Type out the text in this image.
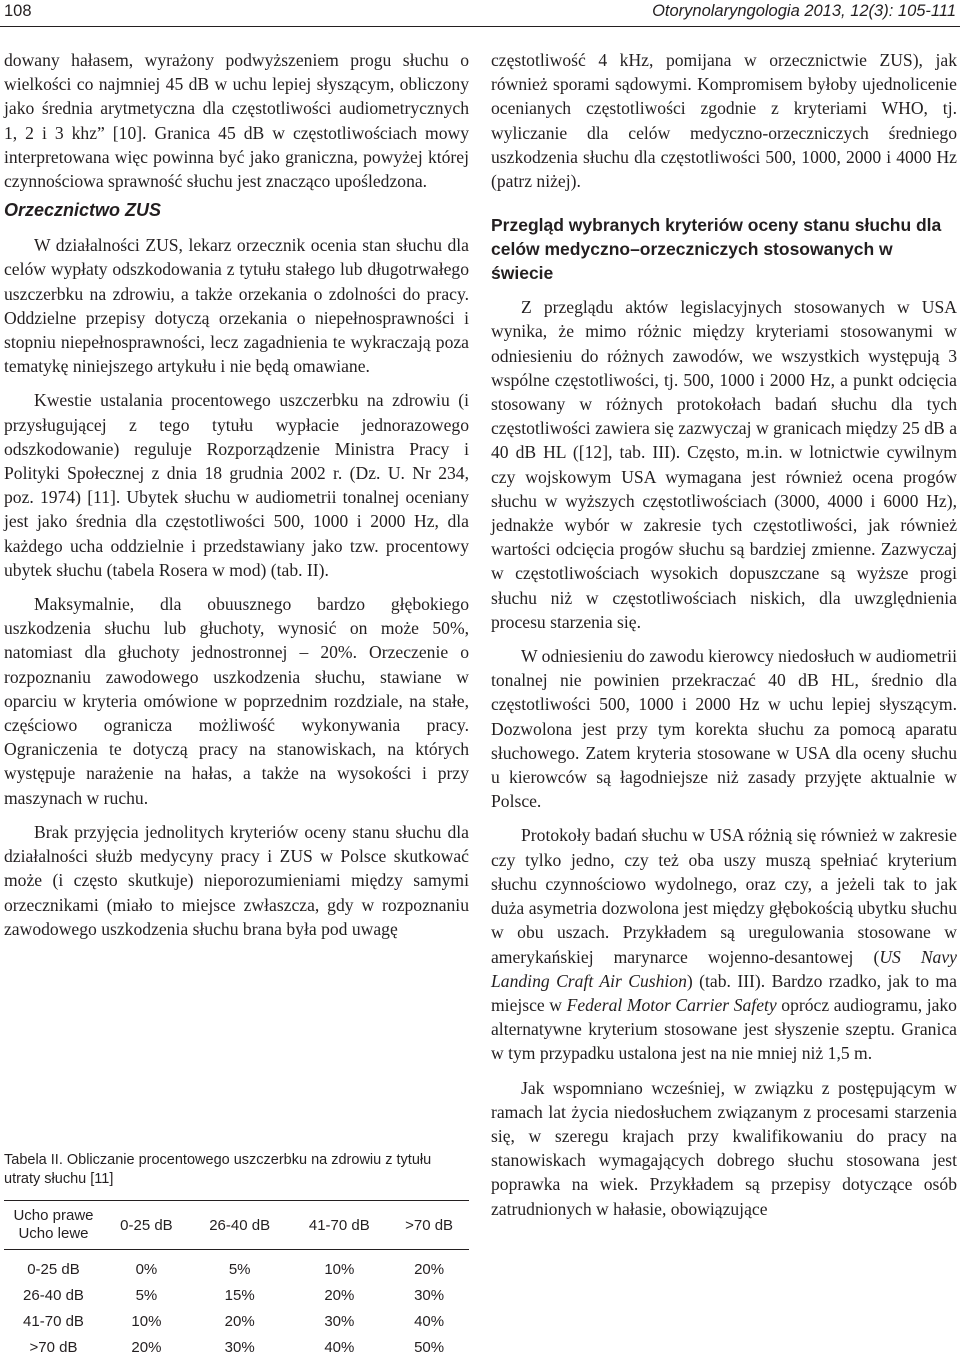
108	Otorynolaryngologia 2013, 12(3): 105-111

dowany hałasem, wyrażony podwyższeniem progu słuchu o wielkości co najmniej 45 dB w uchu lepiej słyszącym, obliczony jako średnia arytmetyczna dla częstotliwości audiometrycznych 1, 2 i 3 khz” [10]. Granica 45 dB w częstotliwościach mowy interpretowana więc powinna być jako graniczna, powyżej której czynnościowa sprawność słuchu jest znacząco upośledzona.

Orzecznictwo ZUS

W działalności ZUS, lekarz orzecznik ocenia stan słuchu dla celów wypłaty odszkodowania z tytułu stałego lub długotrwałego uszczerbku na zdrowiu, a także orzekania o zdolności do pracy. Oddzielne przepisy dotyczą orzekania o niepełnosprawności i stopniu niepełnosprawności, lecz zagadnienia te wykraczają poza tematykę niniejszego artykułu i nie będą omawiane.

Kwestie ustalania procentowego uszczerbku na zdrowiu (i przysługującej z tego tytułu wypłacie jednorazowego odszkodowanie) reguluje Rozporządzenie Ministra Pracy i Polityki Społecznej z dnia 18 grudnia 2002 r. (Dz. U. Nr 234, poz. 1974) [11]. Ubytek słuchu w audiometrii tonalnej oceniany jest jako średnia dla częstotliwości 500, 1000 i 2000 Hz, dla każdego ucha oddzielnie i przedstawiany jako tzw. procentowy ubytek słuchu (tabela Rosera w mod) (tab. II).

Maksymalnie, dla obuusznego bardzo głębokiego uszkodzenia słuchu lub głuchoty, wynosić on może 50%, natomiast dla głuchoty jednostronnej – 20%. Orzeczenie o rozpoznaniu zawodowego uszkodzenia słuchu, stawiane w oparciu w kryteria omówione w poprzednim rozdziale, na stałe, częściowo ogranicza możliwość wykonywania pracy. Ograniczenia te dotyczą pracy na stanowiskach, na których występuje narażenie na hałas, a także na wysokości i przy maszynach w ruchu.

Brak przyjęcia jednolitych kryteriów oceny stanu słuchu dla działalności służb medycyny pracy i ZUS w Polsce skutkować może (i często skutkuje) nieporozumieniami między samymi orzecznikami (miało to miejsce zwłaszcza, gdy w rozpoznaniu zawodowego uszkodzenia słuchu brana była pod uwagę

Tabela II. Obliczanie procentowego uszczerbku na zdrowiu z tytułu utraty słuchu [11]
Ucho prawe
Ucho lewe	0-25 dB	26-40 dB	41-70 dB	>70 dB
0-25 dB	0%	5%	10%	20%
26-40 dB	5%	15%	20%	30%
41-70 dB	10%	20%	30%	40%
>70 dB	20%	30%	40%	50%

częstotliwość 4 kHz, pomijana w orzecznictwie ZUS), jak również sporami sądowymi. Kompromisem byłoby ujednolicenie ocenianych częstotliwości zgodnie z kryteriami WHO, tj. wyliczanie dla celów medyczno-orzeczniczych średniego uszkodzenia słuchu dla częstotliwości 500, 1000, 2000 i 4000 Hz (patrz niżej).

Przegląd wybranych kryteriów oceny stanu słuchu dla celów medyczno–orzeczniczych stosowanych w świecie

Z przeglądu aktów legislacyjnych stosowanych w USA wynika, że mimo różnic między kryteriami stosowanymi w odniesieniu do różnych zawodów, we wszystkich występują 3 wspólne częstotliwości, tj. 500, 1000 i 2000 Hz, a punkt odcięcia stosowany w różnych protokołach badań słuchu dla tych częstotliwości zawiera się zazwyczaj w granicach między 25 dB a 40 dB HL ([12], tab. III). Często, m.in. w lotnictwie cywilnym czy wojskowym USA wymagana jest również ocena progów słuchu w wyższych częstotliwościach (3000, 4000 i 6000 Hz), jednakże wybór w zakresie tych częstotliwości, jak również wartości odcięcia progów słuchu są bardziej zmienne. Zazwyczaj w częstotliwościach wysokich dopuszczane są wyższe progi słuchu niż w częstotliwościach niskich, dla uwzględnienia procesu starzenia się.

W odniesieniu do zawodu kierowcy niedosłuch w audiometrii tonalnej nie powinien przekraczać 40 dB HL, średnio dla częstotliwości 500, 1000 i 2000 Hz w uchu lepiej słyszącym. Dozwolona jest przy tym korekta słuchu za pomocą aparatu słuchowego. Zatem kryteria stosowane w USA dla oceny słuchu u kierowców są łagodniejsze niż zasady przyjęte aktualnie w Polsce.

Protokoły badań słuchu w USA różnią się również w zakresie czy tylko jedno, czy też oba uszy muszą spełniać kryterium słuchu czynnościowo wydolnego, oraz czy, a jeżeli tak to jak duża asymetria dozwolona jest między głębokością ubytku słuchu w obu uszach. Przykładem są uregulowania stosowane w amerykańskiej marynarce wojenno-desantowej (US Navy Landing Craft Air Cushion) (tab. III). Bardzo rzadko, jak to ma miejsce w Federal Motor Carrier Safety oprócz audiogramu, jako alternatywne kryterium stosowane jest słyszenie szeptu. Granica w tym przypadku ustalona jest na nie mniej niż 1,5 m.

Jak wspomniano wcześniej, w związku z postępującym w ramach lat życia niedosłuchem związanym z procesami starzenia się, w szeregu krajach przy kwalifikowaniu do pracy na stanowiskach wymagających dobrego słuchu stosowana jest poprawka na wiek. Przykładem są przepisy dotyczące osób zatrudnionych w hałasie, obowiązujące
